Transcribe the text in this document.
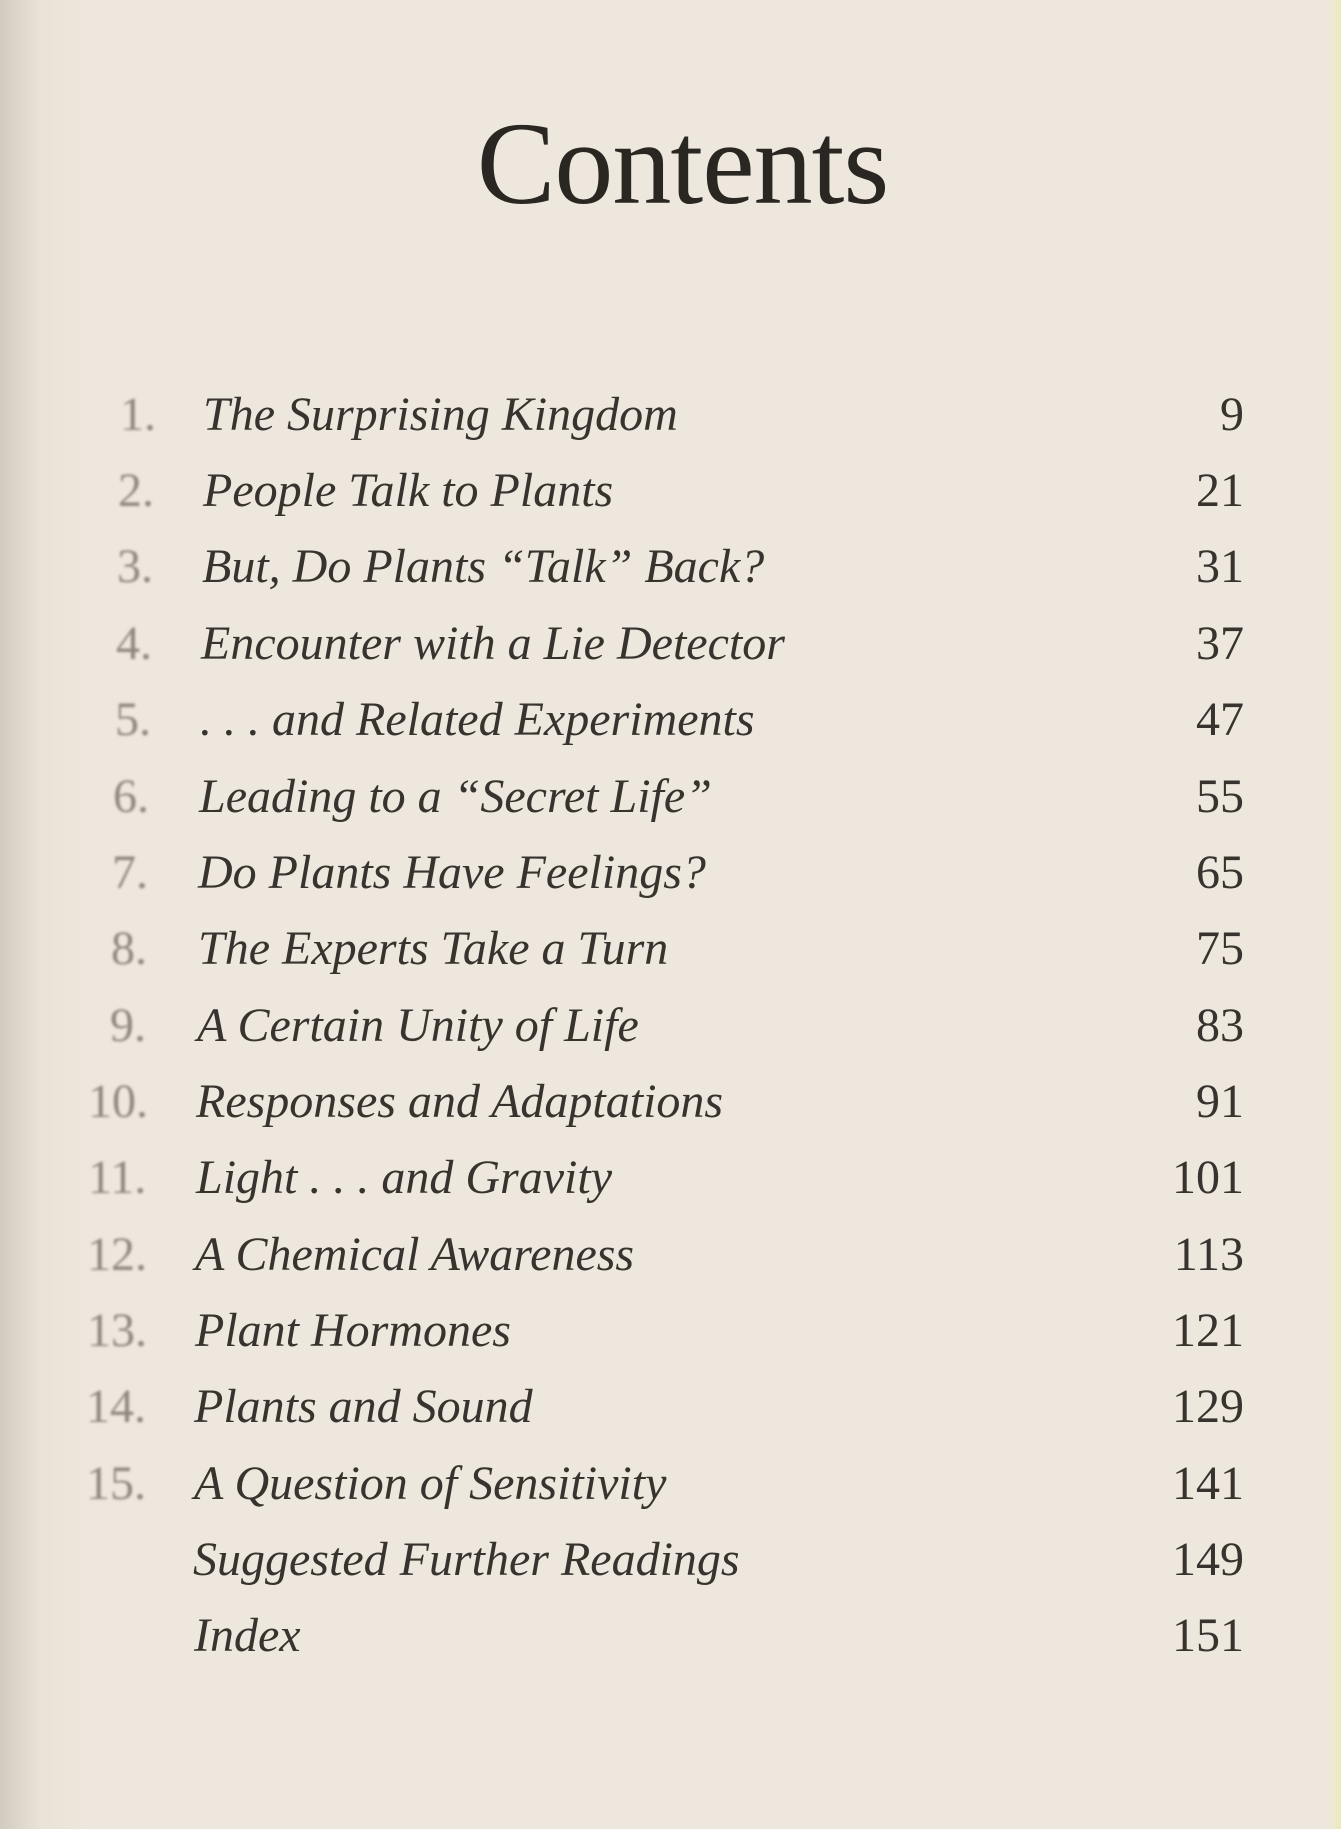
Contents
1. The Surprising Kingdom	9
2. People Talk to Plants	21
3. But, Do Plants “Talk” Back?	31
4. Encounter with a Lie Detector	37
5. . . . and Related Experiments	47
6. Leading to a “Secret Life”	55
7. Do Plants Have Feelings?	65
8. The Experts Take a Turn	75
9. A Certain Unity of Life	83
10. Responses and Adaptations	91
11. Light . . . and Gravity	101
12. A Chemical Awareness	113
13. Plant Hormones	121
14. Plants and Sound	129
15. A Question of Sensitivity	141
Suggested Further Readings	149
Index	151
